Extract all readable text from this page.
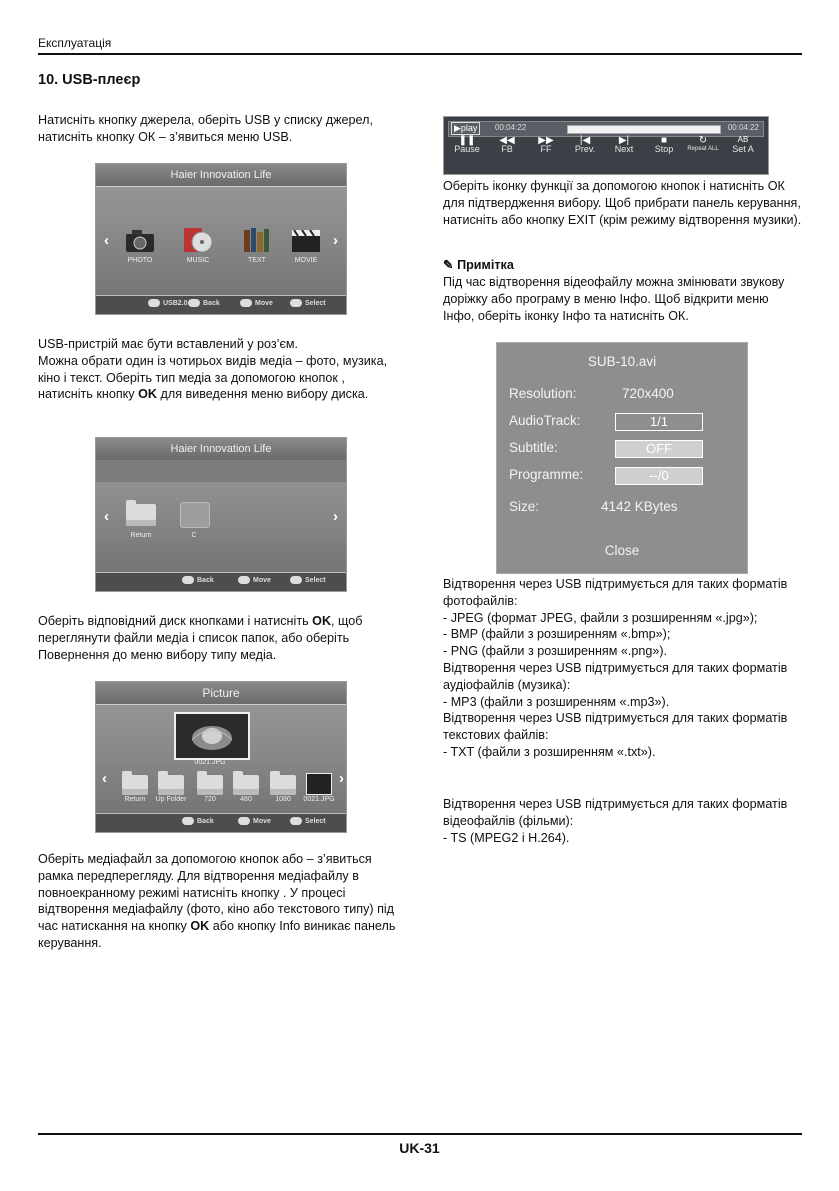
Експлуатація
10. USB-плеєр

Натисніть кнопку джерела, оберіть USB у списку джерел, натисніть кнопку ОК – з’явиться меню USB.

Haier Innovation Life
‹	›
PHOTO	MUSIC	TEXT	MOVIE
USB2.0	Back	Move	Select

USB-пристрій має бути вставлений у роз’єм.
Можна обрати один із чотирьох видів медіа – фото, музика, кіно і текст. Оберіть тип медіа за допомогою кнопок , натисніть кнопку OK для виведення меню вибору диска.

Haier Innovation Life
‹	›
Return	C
Back	Move	Select

Оберіть відповідний диск кнопками і натисніть OK, щоб переглянути файли медіа і список папок, або оберіть Повернення до меню вибору типу медіа.

Picture
0021.JPG
‹	›
Return	Up Folder	720	480	1080	0021.JPG
Back	Move	Select

Оберіть медіафайл за допомогою кнопок або – з’явиться рамка передперегляду. Для відтворення медіафайлу в повноекранному режимі натисніть кнопку . У процесі відтворення медіафайлу (фото, кіно або текстового типу) під час натискання на кнопку OK або кнопку Info виникає панель керування.

▶play	00:04:22	00:04:22
❚❚
Pause
◀◀
FB
▶▶
FF
|◀
Prev.
▶|
Next
■
Stop
↻
Repeat ALL
AB
Set A

Оберіть іконку функції за допомогою кнопок і натисніть ОК для підтвердження вибору. Щоб прибрати панель керування, натисніть або кнопку EXIT (крім режиму відтворення музики).

✎ Примітка

Під час відтворення відеофайлу можна змінювати звукову доріжку або програму в меню Інфо. Щоб відкрити меню Інфо, оберіть іконку Інфо та натисніть ОК.

SUB-10.avi
Resolution:	720x400
AudioTrack:	1/1
Subtitle:	OFF
Programme:	--/0
Size:	4142 KBytes
Close

Відтворення через USB підтримується для таких форматів фотофайлів:

- JPEG (формат JPEG, файли з розширенням «.jpg»);

- BMP (файли з розширенням «.bmp»);

- PNG (файли з розширенням «.png»).

Відтворення через USB підтримується для таких форматів аудіофайлів (музика):

- MP3 (файли з розширенням «.mp3»).

Відтворення через USB підтримується для таких форматів текстових файлів:

- TXT (файли з розширенням «.txt»).

Відтворення через USB підтримується для таких форматів відеофайлів (фільми):

- TS (MPEG2 і H.264).

UK-31
